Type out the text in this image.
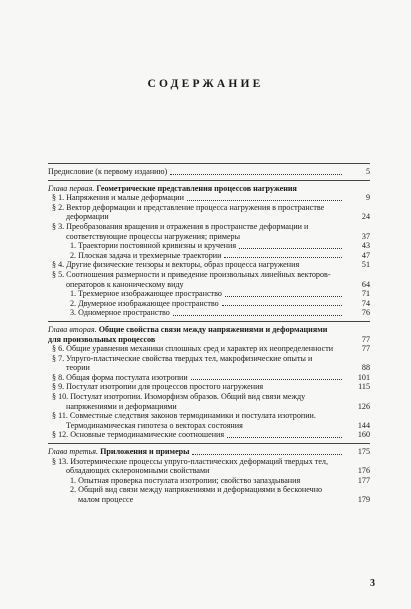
СОДЕРЖАНИЕ
Предисловие (к первому изданию)	5
Глава первая. Геометрические представления процессов нагружения
§ 1. Напряжения и малые деформации	9
§ 2. Вектор деформации и представление процесса нагружения в пространстве деформации	24
§ 3. Преобразования вращения и отражения в пространстве деформации и соответствующие процессы нагружения; примеры	37
1. Траектории постоянной кривизны и кручения	43
2. Плоская задача и трехмерные траектории	47
§ 4. Другие физические тензоры и векторы, образ процесса нагружения	51
§ 5. Соотношения размерности и приведение произвольных линейных векторов-операторов к каноническому виду	64
1. Трехмерное изображающее пространство	71
2. Двумерное изображающее пространство	74
3. Одномерное пространство	76
Глава вторая. Общие свойства связи между напряжениями и деформациями для произвольных процессов	77
§ 6. Общие уравнения механики сплошных сред и характер их неопределенности	77
§ 7. Упруго-пластические свойства твердых тел, макрофизические опыты и теории	88
§ 8. Общая форма постулата изотропии	101
§ 9. Постулат изотропии для процессов простого нагружения	115
§ 10. Постулат изотропии. Изоморфизм образов. Общий вид связи между напряжениями и деформациями	126
§ 11. Совместные следствия законов термодинамики и постулата изотропии. Термодинамическая гипотеза о векторах состояния	144
§ 12. Основные термодинамические соотношения	160
Глава третья. Приложения и примеры	175
§ 13. Изотермические процессы упруго-пластических деформаций твердых тел, обладающих склерономными свойствами	176
1. Опытная проверка постулата изотропии; свойство запаздывания	177
2. Общий вид связи между напряжениями и деформациями в бесконечно малом процессе	179
3
